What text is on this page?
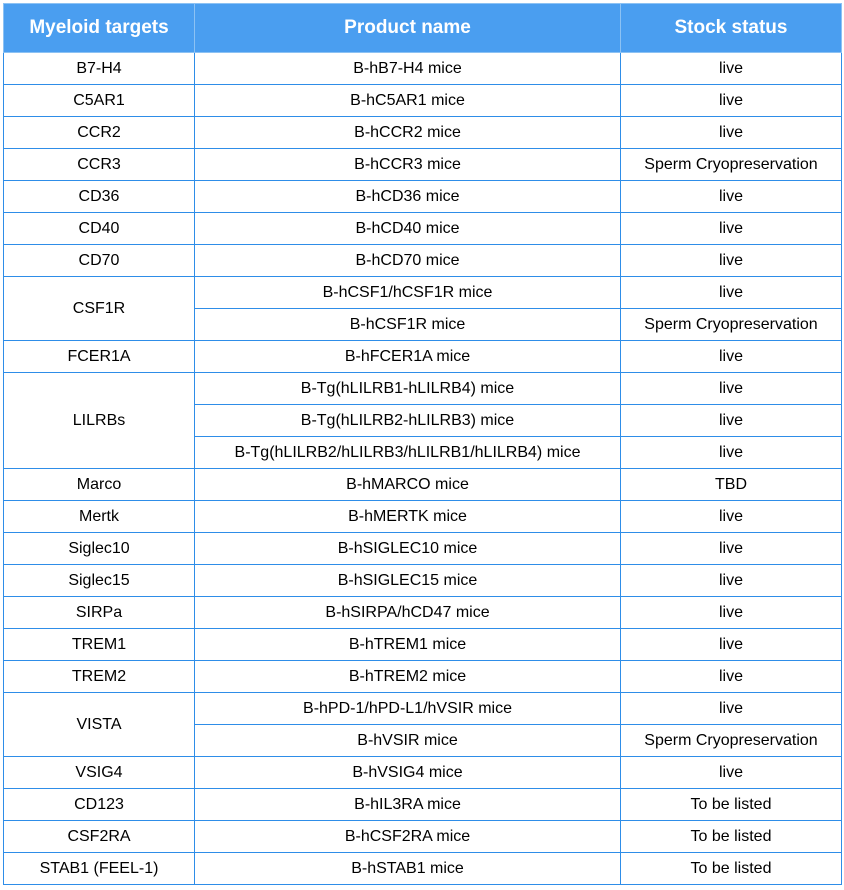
Myeloid targets	Product name	Stock status
B7-H4	B-hB7-H4 mice	live
C5AR1	B-hC5AR1 mice	live
CCR2	B-hCCR2 mice	live
CCR3	B-hCCR3 mice	Sperm Cryopreservation
CD36	B-hCD36 mice	live
CD40	B-hCD40 mice	live
CD70	B-hCD70 mice	live
CSF1R	B-hCSF1/hCSF1R mice	live
	B-hCSF1R mice	Sperm Cryopreservation
FCER1A	B-hFCER1A mice	live
LILRBs	B-Tg(hLILRB1-hLILRB4) mice	live
	B-Tg(hLILRB2-hLILRB3) mice	live
	B-Tg(hLILRB2/hLILRB3/hLILRB1/hLILRB4) mice	live
Marco	B-hMARCO mice	TBD
Mertk	B-hMERTK mice	live
Siglec10	B-hSIGLEC10 mice	live
Siglec15	B-hSIGLEC15 mice	live
SIRPa	B-hSIRPA/hCD47 mice	live
TREM1	B-hTREM1 mice	live
TREM2	B-hTREM2 mice	live
VISTA	B-hPD-1/hPD-L1/hVSIR mice	live
	B-hVSIR mice	Sperm Cryopreservation
VSIG4	B-hVSIG4 mice	live
CD123	B-hIL3RA mice	To be listed
CSF2RA	B-hCSF2RA mice	To be listed
STAB1 (FEEL-1)	B-hSTAB1 mice	To be listed
